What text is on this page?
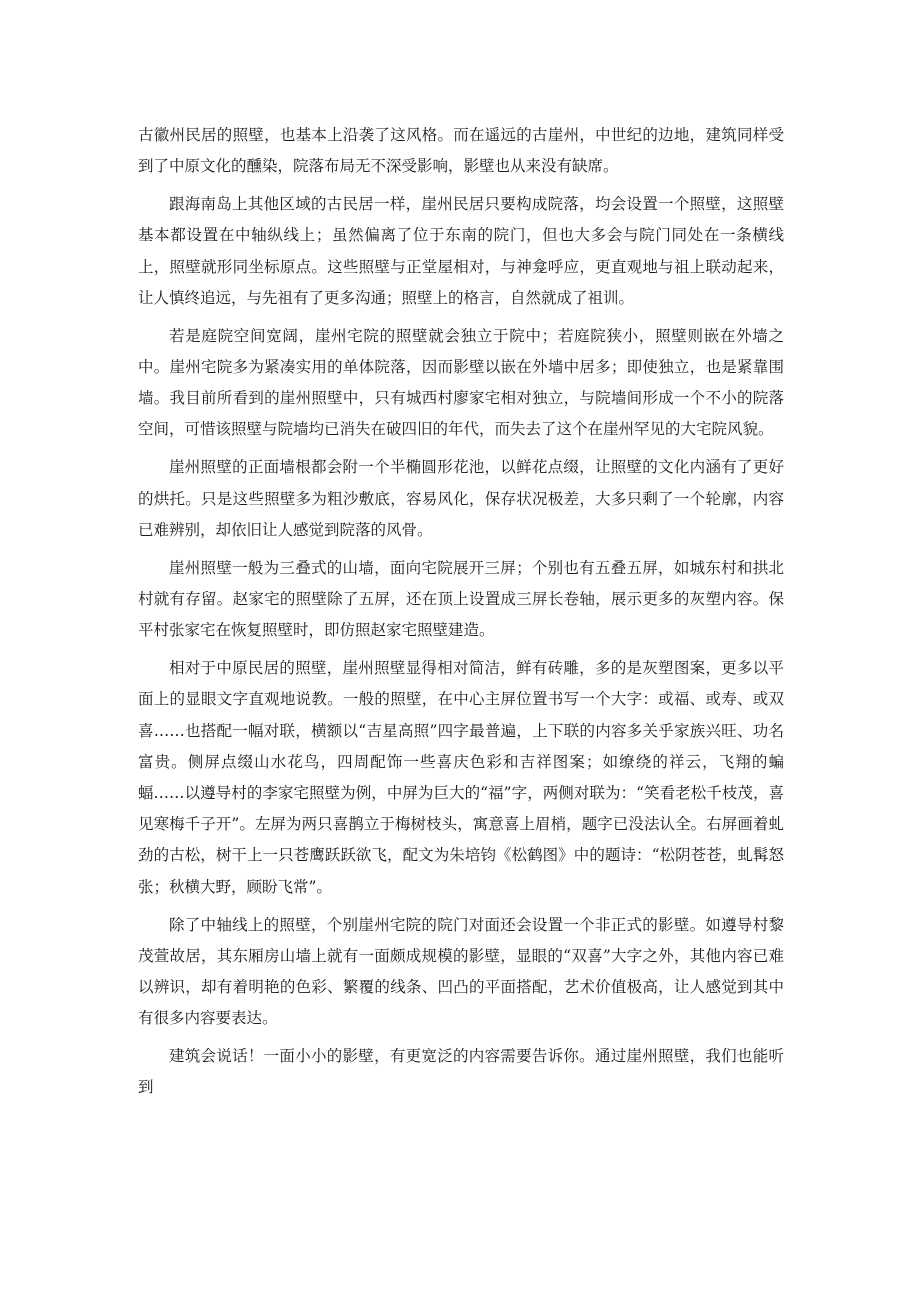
古徽州民居的照壁，也基本上沿袭了这风格。而在遥远的古崖州，中世纪的边地，建筑同样受到了中原文化的醺染，院落布局无不深受影响，影壁也从来没有缺席。

跟海南岛上其他区域的古民居一样，崖州民居只要构成院落，均会设置一个照壁，这照壁基本都设置在中轴纵线上；虽然偏离了位于东南的院门，但也大多会与院门同处在一条横线上，照壁就形同坐标原点。这些照壁与正堂屋相对，与神龛呼应，更直观地与祖上联动起来，让人慎终追远，与先祖有了更多沟通；照壁上的格言，自然就成了祖训。

若是庭院空间宽阔，崖州宅院的照壁就会独立于院中；若庭院狭小，照壁则嵌在外墙之中。崖州宅院多为紧凑实用的单体院落，因而影壁以嵌在外墙中居多；即使独立，也是紧靠围墙。我目前所看到的崖州照壁中，只有城西村廖家宅相对独立，与院墙间形成一个不小的院落空间，可惜该照壁与院墙均已消失在破四旧的年代，而失去了这个在崖州罕见的大宅院风貌。

崖州照壁的正面墙根都会附一个半椭圆形花池，以鲜花点缀，让照壁的文化内涵有了更好的烘托。只是这些照壁多为粗沙敷底，容易风化，保存状况极差，大多只剩了一个轮廓，内容已难辨别，却依旧让人感觉到院落的风骨。

崖州照壁一般为三叠式的山墙，面向宅院展开三屏；个别也有五叠五屏，如城东村和拱北村就有存留。赵家宅的照壁除了五屏，还在顶上设置成三屏长卷轴，展示更多的灰塑内容。保平村张家宅在恢复照壁时，即仿照赵家宅照壁建造。

相对于中原民居的照壁，崖州照壁显得相对简洁，鲜有砖雕，多的是灰塑图案，更多以平面上的显眼文字直观地说教。一般的照壁，在中心主屏位置书写一个大字：或福、或寿、或双喜……也搭配一幅对联，横额以“吉星高照”四字最普遍，上下联的内容多关乎家族兴旺、功名富贵。侧屏点缀山水花鸟，四周配饰一些喜庆色彩和吉祥图案；如缭绕的祥云，飞翔的蝙蝠……以遵导村的李家宅照壁为例，中屏为巨大的“福”字，两侧对联为：“笑看老松千枝茂，喜见寒梅千子开”。左屏为两只喜鹊立于梅树枝头，寓意喜上眉梢，题字已没法认全。右屏画着虬劲的古松，树干上一只苍鹰跃跃欲飞，配文为朱培钧《松鹤图》中的题诗：“松阴苍苍，虬髯怒张；秋横大野，顾盼飞常”。

除了中轴线上的照壁，个别崖州宅院的院门对面还会设置一个非正式的影壁。如遵导村黎茂萱故居，其东厢房山墙上就有一面颇成规模的影壁，显眼的“双喜”大字之外，其他内容已难以辨识，却有着明艳的色彩、繁覆的线条、凹凸的平面搭配，艺术价值极高，让人感觉到其中有很多内容要表达。

建筑会说话！一面小小的影壁，有更宽泛的内容需要告诉你。通过崖州照壁，我们也能听到
